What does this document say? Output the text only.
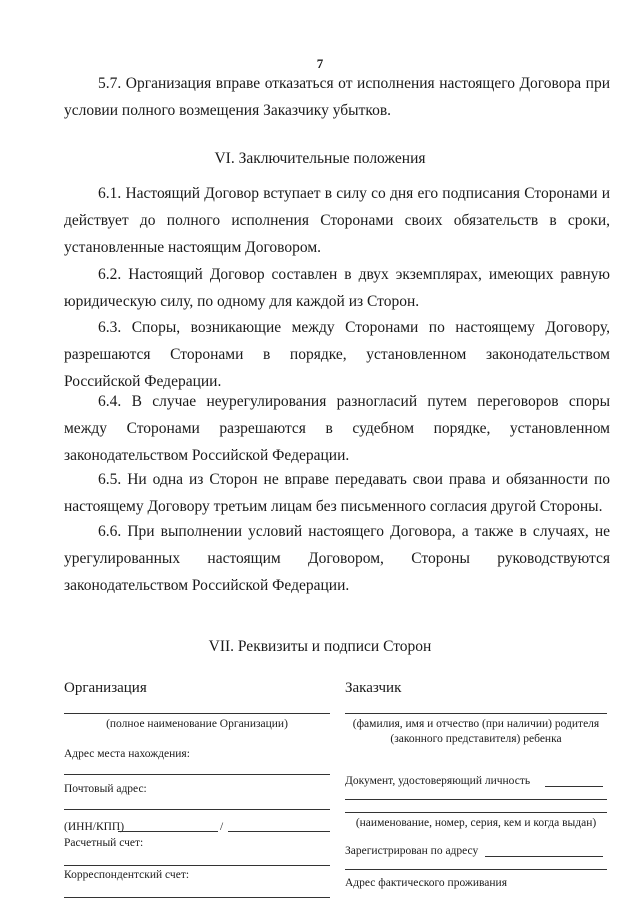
7

5.7. Организация вправе отказаться от исполнения настоящего Договора при условии полного возмещения Заказчику убытков.

VI. Заключительные положения

6.1. Настоящий Договор вступает в силу со дня его подписания Сторонами и действует до полного исполнения Сторонами своих обязательств в сроки, установленные настоящим Договором.

6.2. Настоящий Договор составлен в двух экземплярах, имеющих равную юридическую силу, по одному для каждой из Сторон.

6.3. Споры, возникающие между Сторонами по настоящему Договору, разрешаются Сторонами в порядке, установленном законодательством Российской Федерации.

6.4. В случае неурегулирования разногласий путем переговоров споры между Сторонами разрешаются в судебном порядке, установленном законодательством Российской Федерации.

6.5. Ни одна из Сторон не вправе передавать свои права и обязанности по настоящему Договору третьим лицам без письменного согласия другой Стороны.

6.6. При выполнении условий настоящего Договора, а также в случаях, не урегулированных настоящим Договором, Стороны руководствуются законодательством Российской Федерации.

VII. Реквизиты и подписи Сторон
Организация
(полное наименование Организации)
Адрес места нахождения:
Почтовый адрес:
(ИНН/КПП)	/
Расчетный счет:
Корреспондентский счет:
Заказчик
(фамилия, имя и отчество (при наличии) родителя (законного представителя) ребенка
Документ, удостоверяющий личность
(наименование, номер, серия, кем и когда выдан)
Зарегистрирован по адресу
Адрес фактического проживания
